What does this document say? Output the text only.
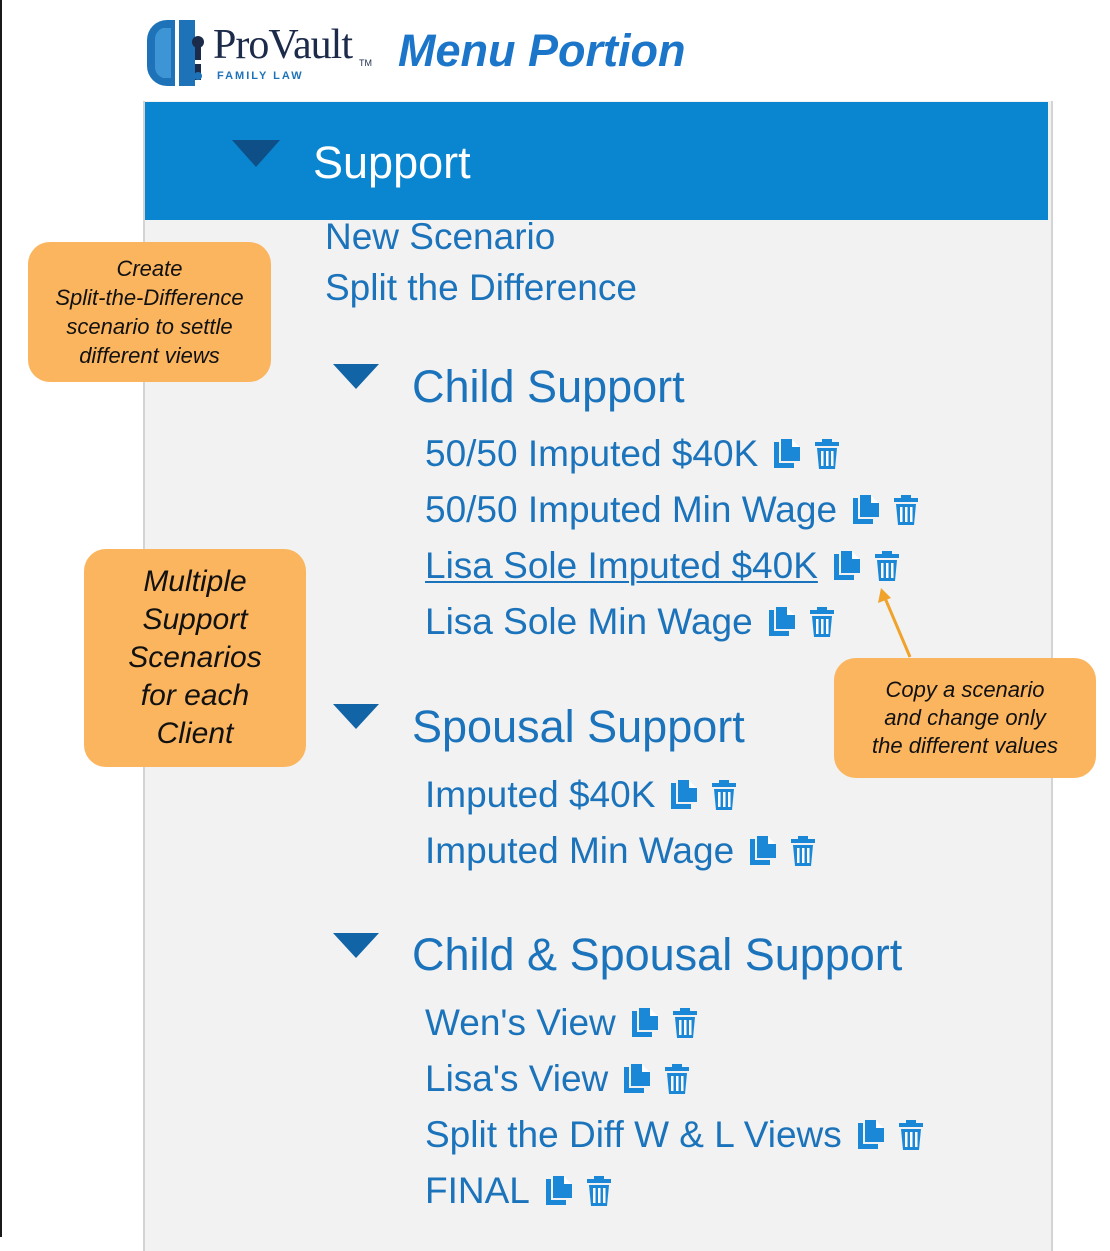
ProVault TM
FAMILY LAW Menu Portion
Support
New Scenario
Split the Difference
Child Support
50/50 Imputed $40K
50/50 Imputed Min Wage
Lisa Sole Imputed $40K
Lisa Sole Min Wage
Spousal Support
Imputed $40K
Imputed Min Wage
Child & Spousal Support
Wen's View
Lisa's View
Split the Diff W & L Views
FINAL
Create
Split-the-Difference
scenario to settle
different views
Multiple
Support
Scenarios
for each
Client
Copy a scenario
and change only
the different values
